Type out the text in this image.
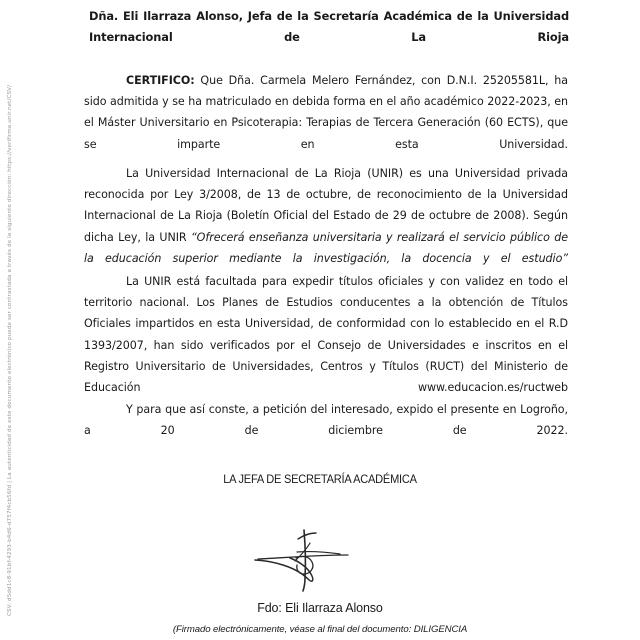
CSV: d5dd1c8-91bf-4293-b4d6-d757f4cb56fd | La autenticidad de este documento electrónico puede ser contrastada a través de la siguiente dirección: https://verifirma.unir.net/CSV/
Dña. Eli Ilarraza Alonso, Jefa de la Secretaría Académica de la Universidad Internacional de La Rioja
CERTIFICO: Que Dña. Carmela Melero Fernández, con D.N.I. 25205581L, ha sido admitida y se ha matriculado en debida forma en el año académico 2022-2023, en el Máster Universitario en Psicoterapia: Terapias de Tercera Generación (60 ECTS), que se imparte en esta Universidad.
La Universidad Internacional de La Rioja (UNIR) es una Universidad privada reconocida por Ley 3/2008, de 13 de octubre, de reconocimiento de la Universidad Internacional de La Rioja (Boletín Oficial del Estado de 29 de octubre de 2008). Según dicha Ley, la UNIR “Ofrecerá enseñanza universitaria y realizará el servicio público de la educación superior mediante la investigación, la docencia y el estudio”
La UNIR está facultada para expedir títulos oficiales y con validez en todo el territorio nacional. Los Planes de Estudios conducentes a la obtención de Títulos Oficiales impartidos en esta Universidad, de conformidad con lo establecido en el R.D 1393/2007, han sido verificados por el Consejo de Universidades e inscritos en el Registro Universitario de Universidades, Centros y Títulos (RUCT) del Ministerio de Educación www.educacion.es/ructweb
Y para que así conste, a petición del interesado, expido el presente en Logroño, a 20 de diciembre de 2022.
LA JEFA DE SECRETARÍA ACADÉMICA
Fdo: Eli Ilarraza Alonso
(Firmado electrónicamente, véase al final del documento: DILIGENCIA
